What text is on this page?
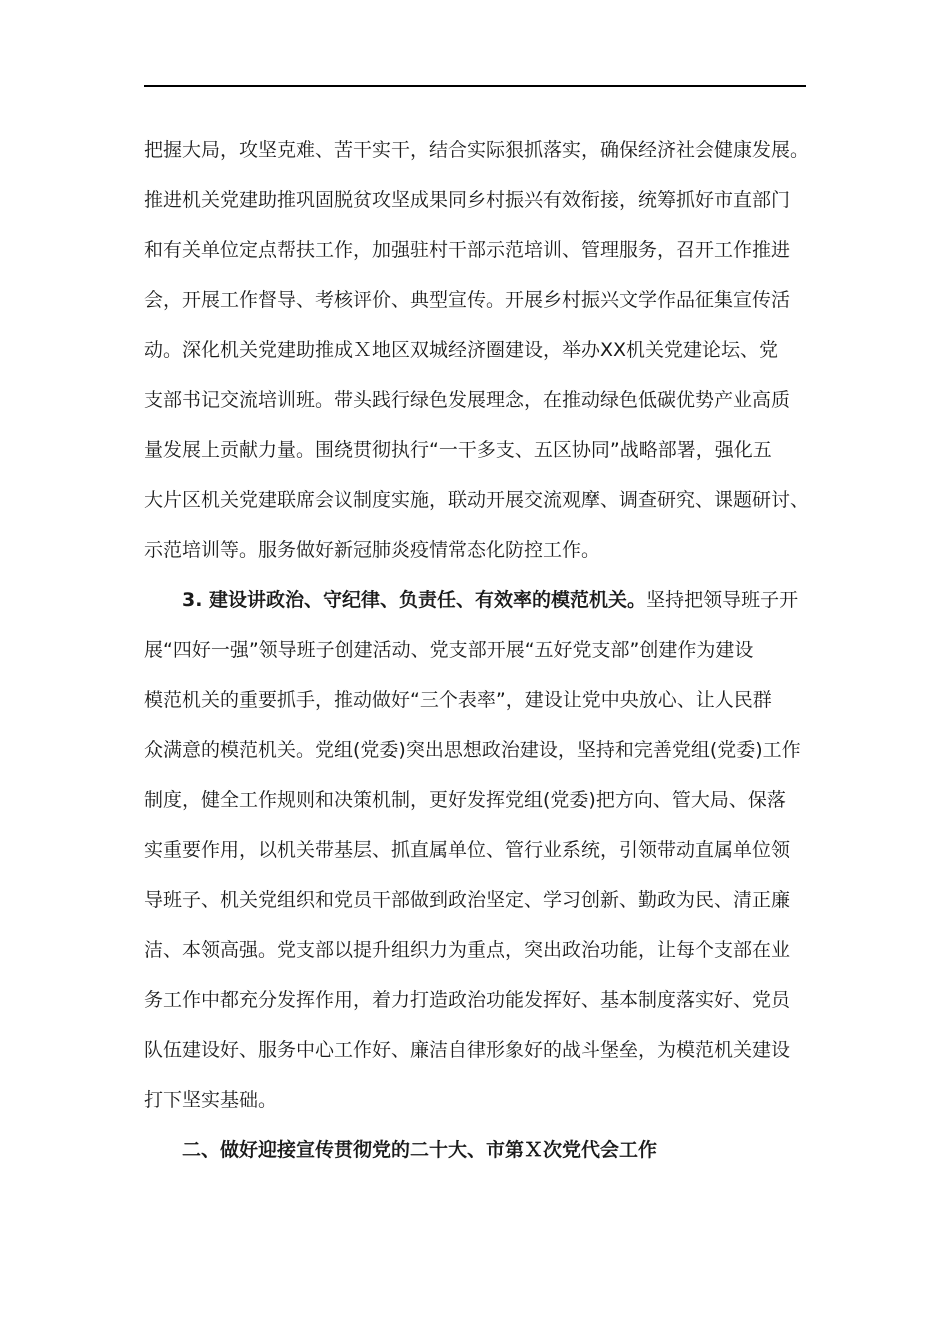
把握大局，攻坚克难、苦干实干，结合实际狠抓落实，确保经济社会健康发展。
推进机关党建助推巩固脱贫攻坚成果同乡村振兴有效衔接，统筹抓好市直部门
和有关单位定点帮扶工作，加强驻村干部示范培训、管理服务，召开工作推进
会，开展工作督导、考核评价、典型宣传。开展乡村振兴文学作品征集宣传活
动。深化机关党建助推成Ｘ地区双城经济圈建设，举办XX机关党建论坛、党
支部书记交流培训班。带头践行绿色发展理念，在推动绿色低碳优势产业高质
量发展上贡献力量。围绕贯彻执行“一干多支、五区协同”战略部署，强化五
大片区机关党建联席会议制度实施，联动开展交流观摩、调查研究、课题研讨、
示范培训等。服务做好新冠肺炎疫情常态化防控工作。
3. 建设讲政治、守纪律、负责任、有效率的模范机关。坚持把领导班子开
展“四好一强”领导班子创建活动、党支部开展“五好党支部”创建作为建设
模范机关的重要抓手，推动做好“三个表率”，建设让党中央放心、让人民群
众满意的模范机关。党组(党委)突出思想政治建设，坚持和完善党组(党委)工作
制度，健全工作规则和决策机制，更好发挥党组(党委)把方向、管大局、保落
实重要作用，以机关带基层、抓直属单位、管行业系统，引领带动直属单位领
导班子、机关党组织和党员干部做到政治坚定、学习创新、勤政为民、清正廉
洁、本领高强。党支部以提升组织力为重点，突出政治功能，让每个支部在业
务工作中都充分发挥作用，着力打造政治功能发挥好、基本制度落实好、党员
队伍建设好、服务中心工作好、廉洁自律形象好的战斗堡垒，为模范机关建设
打下坚实基础。
二、做好迎接宣传贯彻党的二十大、市第Ｘ次党代会工作
